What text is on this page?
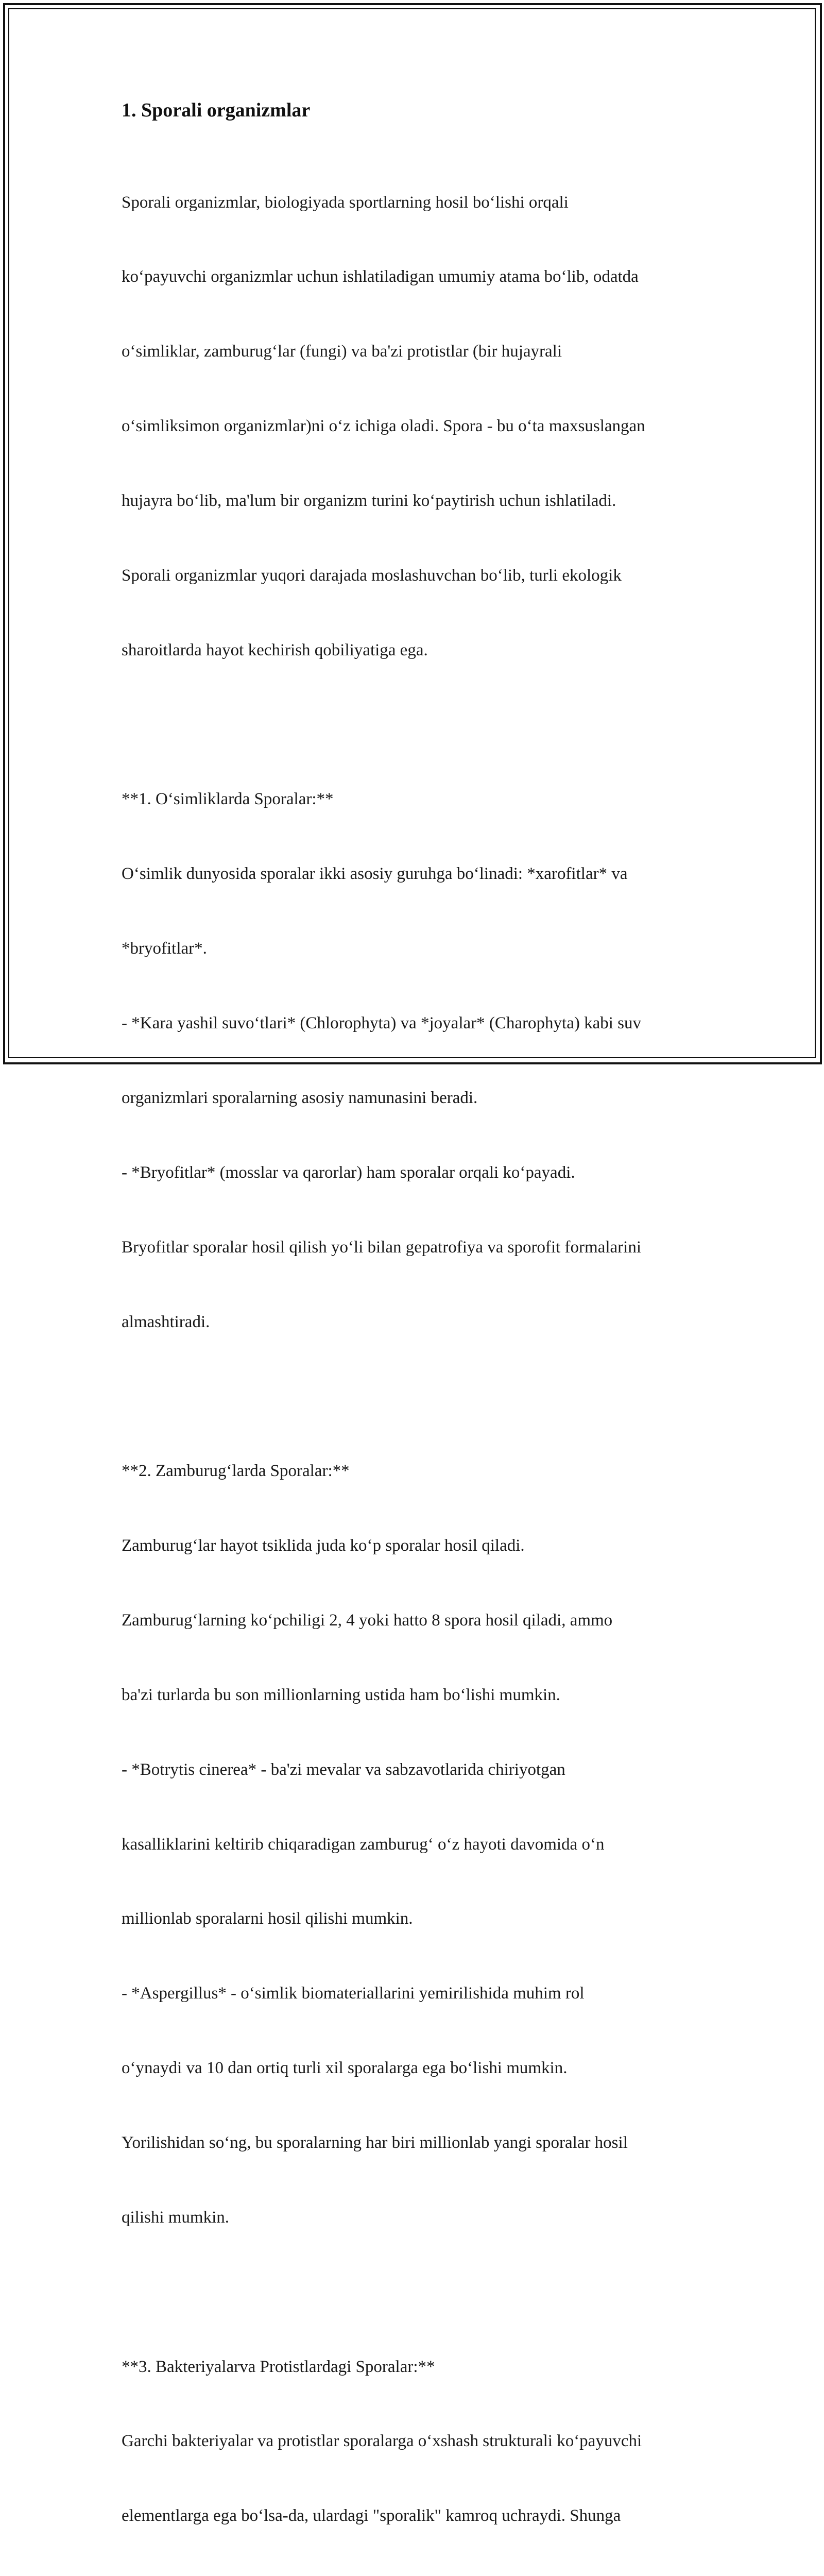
1. Sporali organizmlar

Sporali organizmlar, biologiyada sportlarning hosil bo‘lishi orqali

ko‘payuvchi organizmlar uchun ishlatiladigan umumiy atama bo‘lib, odatda

o‘simliklar, zamburug‘lar (fungi) va ba'zi protistlar (bir hujayrali

o‘simliksimon organizmlar)ni o‘z ichiga oladi. Spora - bu o‘ta maxsuslangan

hujayra bo‘lib, ma'lum bir organizm turini ko‘paytirish uchun ishlatiladi.

Sporali organizmlar yuqori darajada moslashuvchan bo‘lib, turli ekologik

sharoitlarda hayot kechirish qobiliyatiga ega.

**1. O‘simliklarda Sporalar:**

O‘simlik dunyosida sporalar ikki asosiy guruhga bo‘linadi: *xarofitlar* va

*bryofitlar*.

- *Kara yashil suvo‘tlari* (Chlorophyta) va *joyalar* (Charophyta) kabi suv

organizmlari sporalarning asosiy namunasini beradi.

- *Bryofitlar* (mosslar va qarorlar) ham sporalar orqali ko‘payadi.

Bryofitlar sporalar hosil qilish yo‘li bilan gepatrofiya va sporofit formalarini

almashtiradi.

**2. Zamburug‘larda Sporalar:**

Zamburug‘lar hayot tsiklida juda ko‘p sporalar hosil qiladi.

Zamburug‘larning ko‘pchiligi 2, 4 yoki hatto 8 spora hosil qiladi, ammo

ba'zi turlarda bu son millionlarning ustida ham bo‘lishi mumkin.

- *Botrytis cinerea* - ba'zi mevalar va sabzavotlarida chiriyotgan

kasalliklarini keltirib chiqaradigan zamburug‘ o‘z hayoti davomida o‘n

millionlab sporalarni hosil qilishi mumkin.

- *Aspergillus* - o‘simlik biomateriallarini yemirilishida muhim rol

o‘ynaydi va 10 dan ortiq turli xil sporalarga ega bo‘lishi mumkin.

Yorilishidan so‘ng, bu sporalarning har biri millionlab yangi sporalar hosil

qilishi mumkin.

**3. Bakteriyalarva Protistlardagi Sporalar:**

Garchi bakteriyalar va protistlar sporalarga o‘xshash strukturali ko‘payuvchi

elementlarga ega bo‘lsa-da, ulardagi "sporalik" kamroq uchraydi. Shunga
